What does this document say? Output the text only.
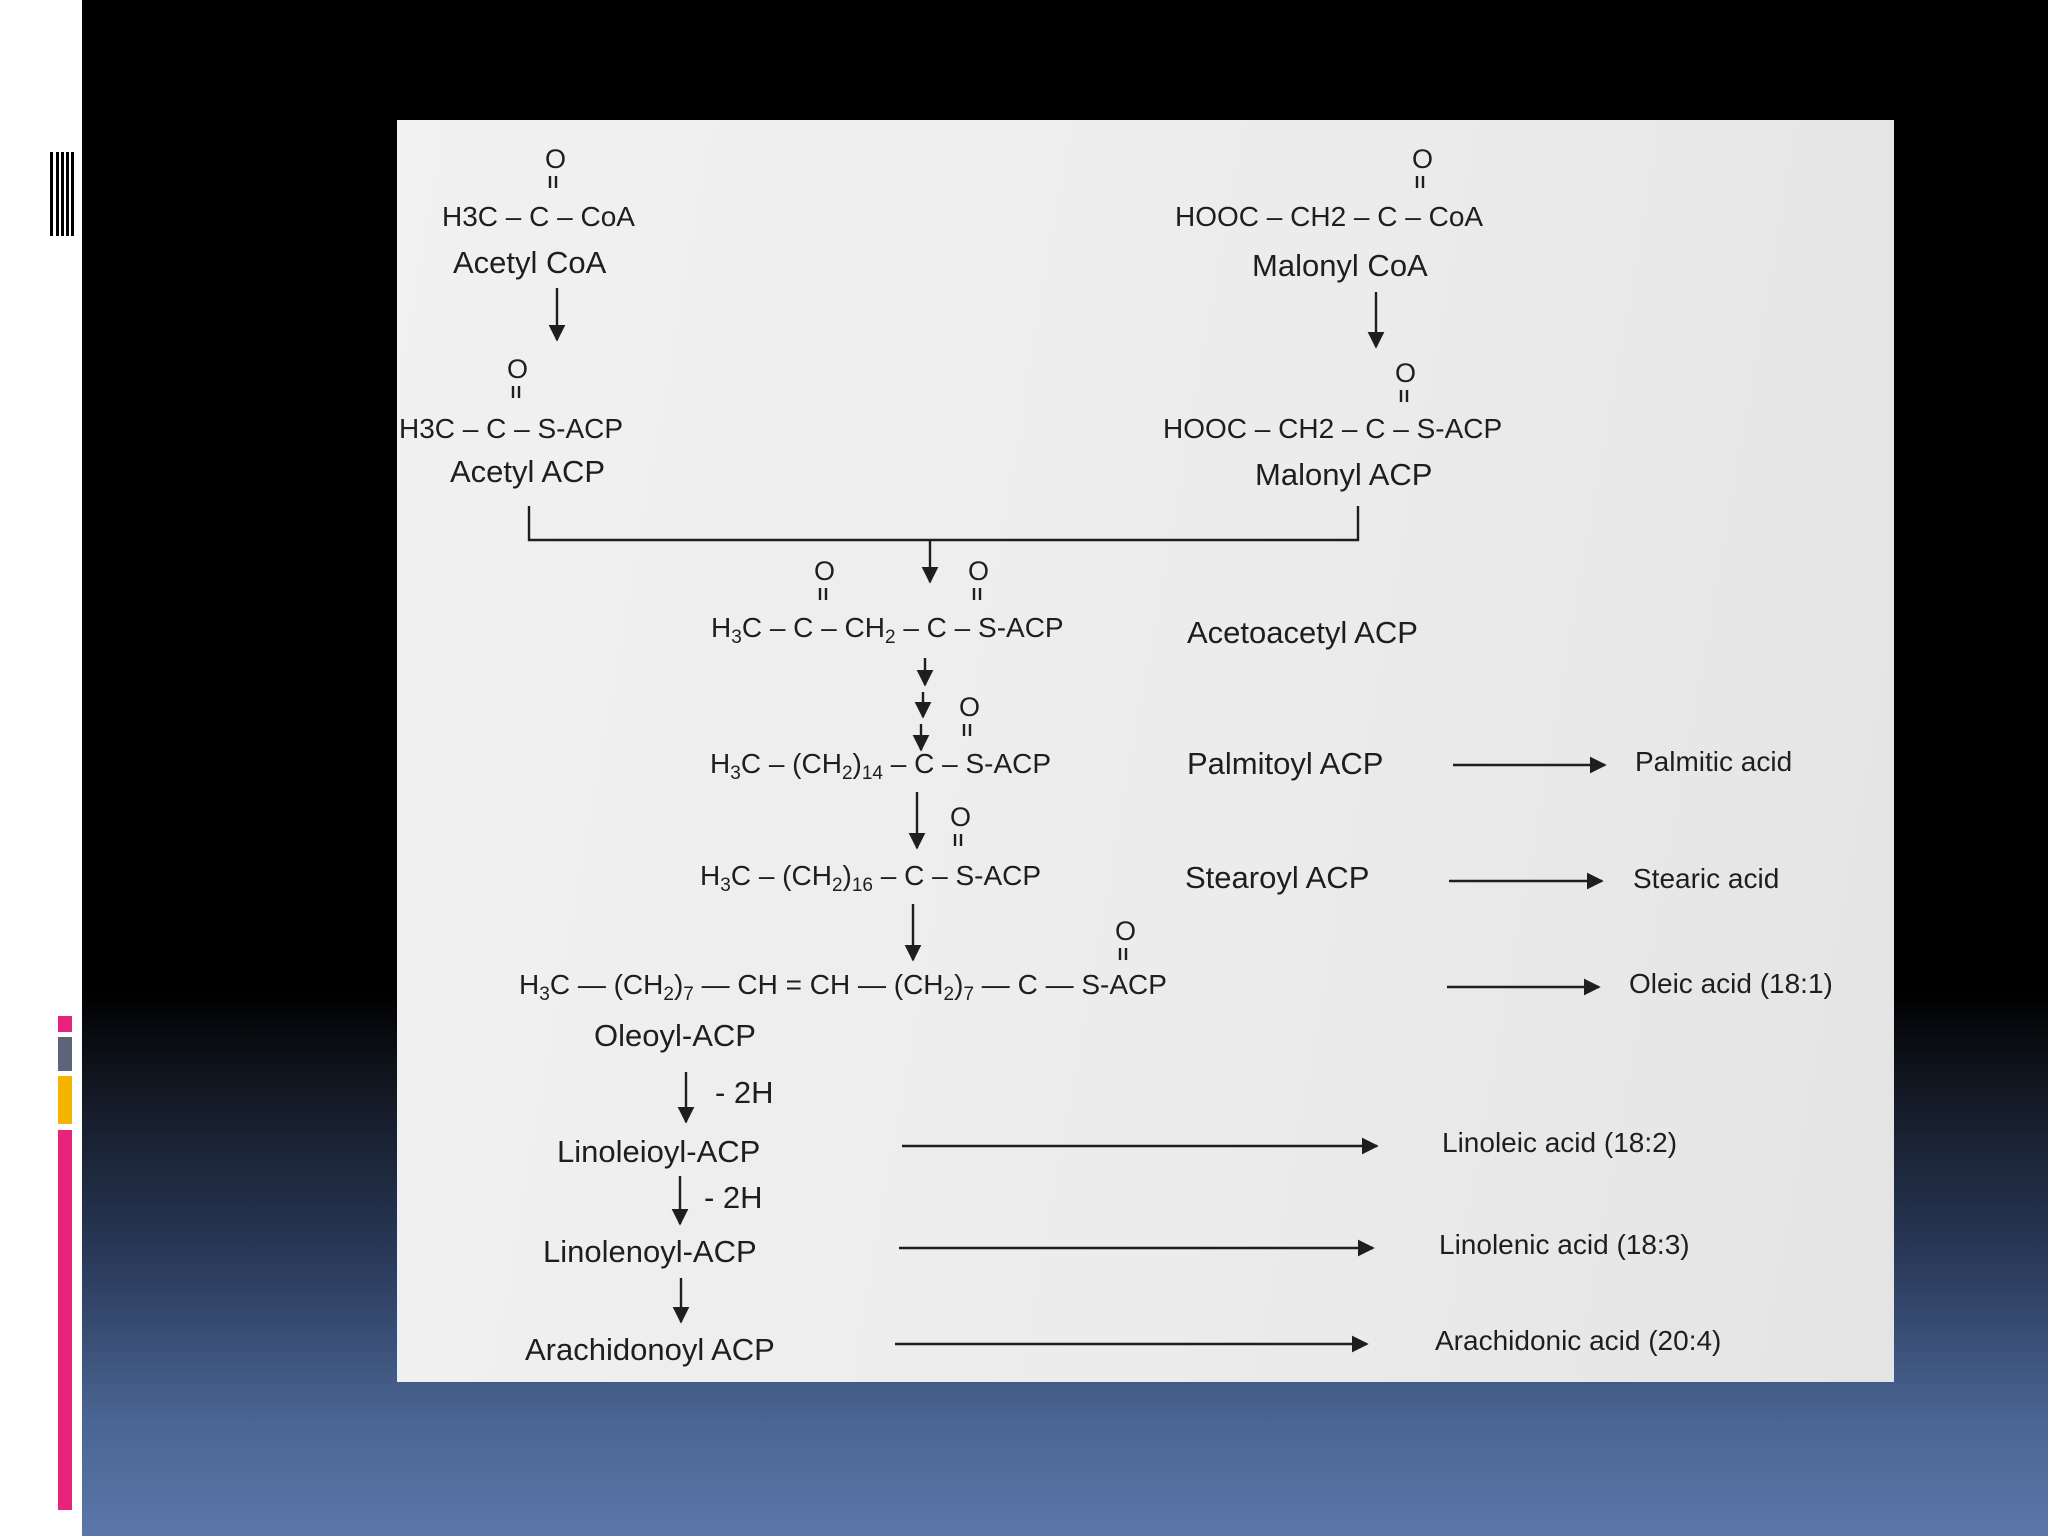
O
H3C – C – CoA
Acetyl CoA
O
HOOC – CH2 – C – CoA
Malonyl CoA
O
H3C – C – S-ACP
Acetyl ACP
O
HOOC – CH2 – C – S-ACP
Malonyl ACP
O	O
$H_3C$ – C – $CH_2$ – C – S-ACP	Acetoacetyl ACP
O
$H_3C - (CH_2)_{14}$ – C – S-ACP	Palmitoyl ACP	Palmitic acid
O
$H_3C - (CH_2)_{16}$ – C – S-ACP	Stearoyl ACP	Stearic acid
O
$H_3C$ — $(CH_2)_7$ — CH = CH — $(CH_2)_7$ — C — S-ACP	Oleic acid (18:1)
Oleoyl-ACP
- 2H
Linoleioyl-ACP	Linoleic acid (18:2)
- 2H
Linolenoyl-ACP	Linolenic acid (18:3)
Arachidonoyl ACP	Arachidonic acid (20:4)
